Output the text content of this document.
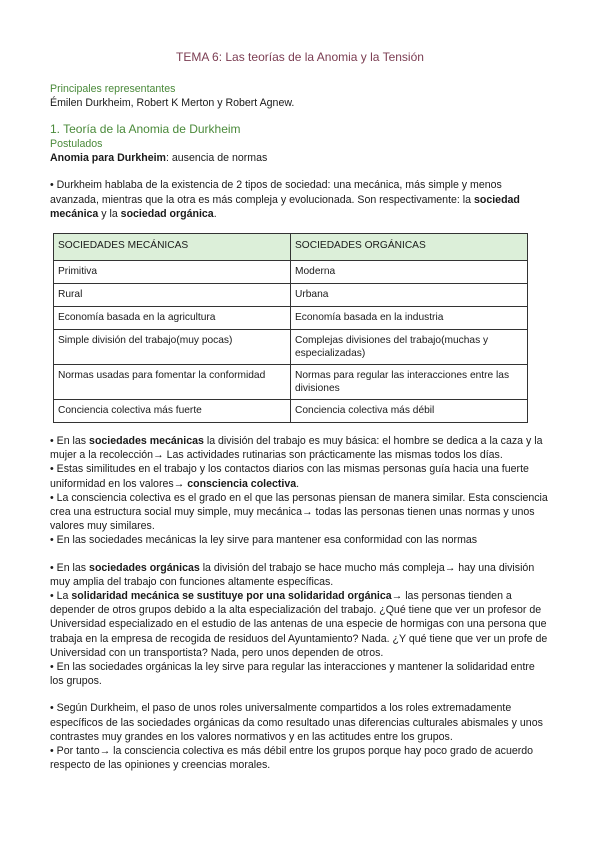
TEMA 6: Las teorías de la Anomia y la Tensión
Principales representantes
Émilen Durkheim, Robert K Merton y Robert Agnew.
1. Teoría de la Anomia de Durkheim
Postulados
Anomia para Durkheim: ausencia de normas
• Durkheim hablaba de la existencia de 2 tipos de sociedad: una mecánica, más simple y menos avanzada, mientras que la otra es más compleja y evolucionada. Son respectivamente: la sociedad mecánica y la sociedad orgánica.
SOCIEDADES MECÁNICAS	SOCIEDADES ORGÁNICAS
Primitiva	Moderna
Rural	Urbana
Economía basada en la agricultura	Economía basada en la industria
Simple división del trabajo(muy pocas)	Complejas divisiones del trabajo(muchas y especializadas)
Normas usadas para fomentar la conformidad	Normas para regular las interacciones entre las divisiones
Conciencia colectiva más fuerte	Conciencia colectiva más débil
• En las sociedades mecánicas la división del trabajo es muy básica: el hombre se dedica a la caza y la mujer a la recolección→ Las actividades rutinarias son prácticamente las mismas todos los días.
• Estas similitudes en el trabajo y los contactos diarios con las mismas personas guía hacia una fuerte uniformidad en los valores→ consciencia colectiva.
• La consciencia colectiva es el grado en el que las personas piensan de manera similar. Esta consciencia crea una estructura social muy simple, muy mecánica→ todas las personas tienen unas normas y unos valores muy similares.
• En las sociedades mecánicas la ley sirve para mantener esa conformidad con las normas
• En las sociedades orgánicas la división del trabajo se hace mucho más compleja→ hay una división muy amplia del trabajo con funciones altamente específicas.
• La solidaridad mecánica se sustituye por una solidaridad orgánica→ las personas tienden a depender de otros grupos debido a la alta especialización del trabajo. ¿Qué tiene que ver un profesor de Universidad especializado en el estudio de las antenas de una especie de hormigas con una persona que trabaja en la empresa de recogida de residuos del Ayuntamiento? Nada. ¿Y qué tiene que ver un profe de Universidad con un transportista? Nada, pero unos dependen de otros.
• En las sociedades orgánicas la ley sirve para regular las interacciones y mantener la solidaridad entre los grupos.
• Según Durkheim, el paso de unos roles universalmente compartidos a los roles extremadamente específicos de las sociedades orgánicas da como resultado unas diferencias culturales abismales y unos contrastes muy grandes en los valores normativos y en las actitudes entre los grupos.
• Por tanto→ la consciencia colectiva es más débil entre los grupos porque hay poco grado de acuerdo respecto de las opiniones y creencias morales.
